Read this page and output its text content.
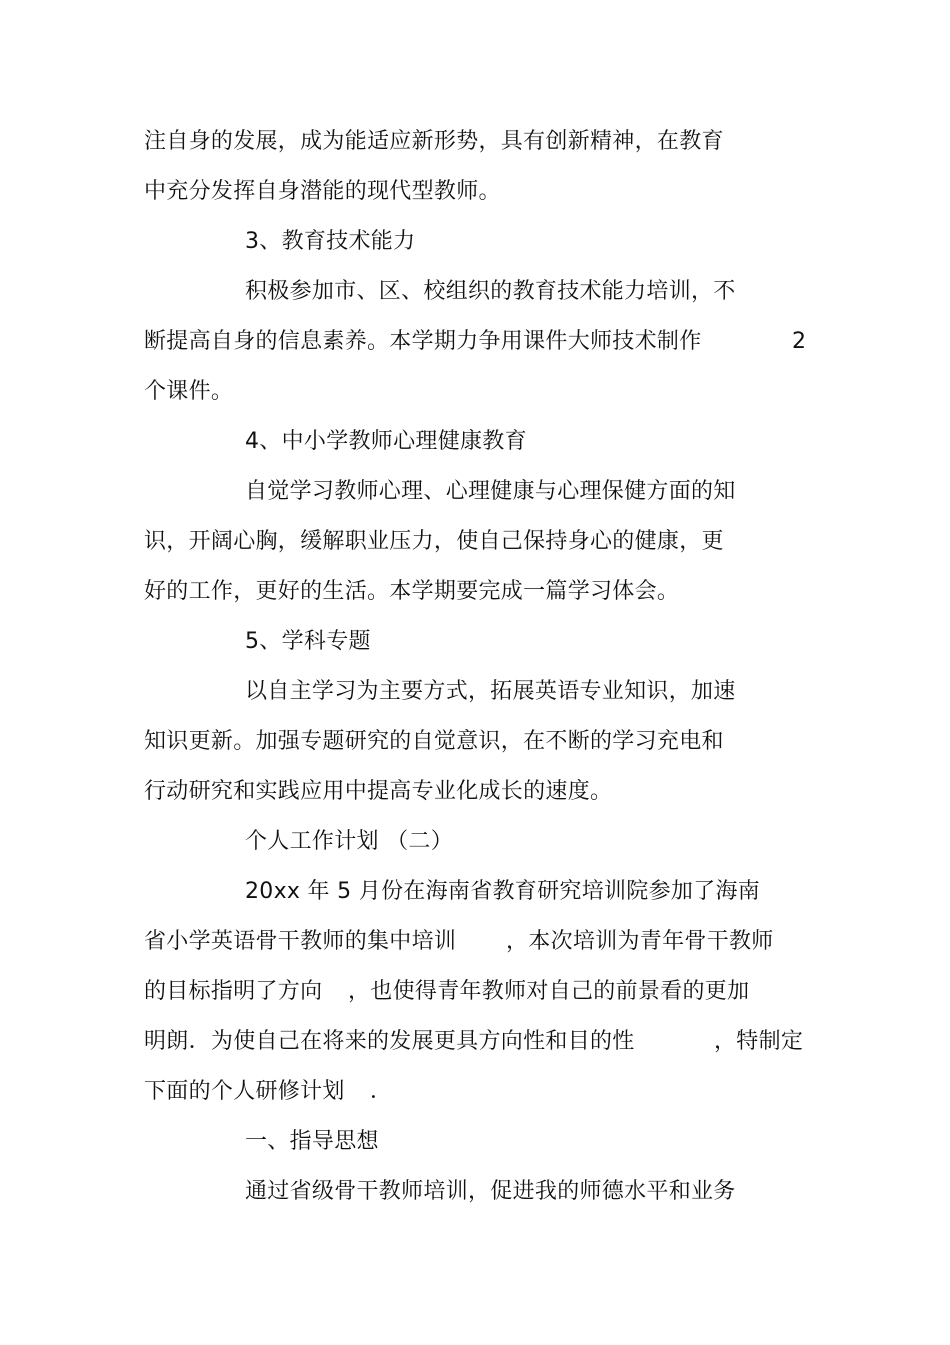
注自身的发展，成为能适应新形势，具有创新精神，在教育
中充分发挥自身潜能的现代型教师。
3、教育技术能力
积极参加市、区、校组织的教育技术能力培训，不
断提高自身的信息素养。本学期力争用课件大师技术制作	2
个课件。
4、中小学教师心理健康教育
自觉学习教师心理、心理健康与心理保健方面的知
识，开阔心胸，缓解职业压力，使自己保持身心的健康，更
好的工作，更好的生活。本学期要完成一篇学习体会。
5、学科专题
以自主学习为主要方式，拓展英语专业知识，加速
知识更新。加强专题研究的自觉意识，在不断的学习充电和
行动研究和实践应用中提高专业化成长的速度。
个人工作计划 （二）
20xx 年 5 月份在海南省教育研究培训院参加了海南
省小学英语骨干教师的集中培训 ，本次培训为青年骨干教师
的目标指明了方向 ，也使得青年教师对自己的前景看的更加
明朗．为使自己在将来的发展更具方向性和目的性	，特制定
下面的个人研修计划 ．
一、指导思想
通过省级骨干教师培训，促进我的师德水平和业务
